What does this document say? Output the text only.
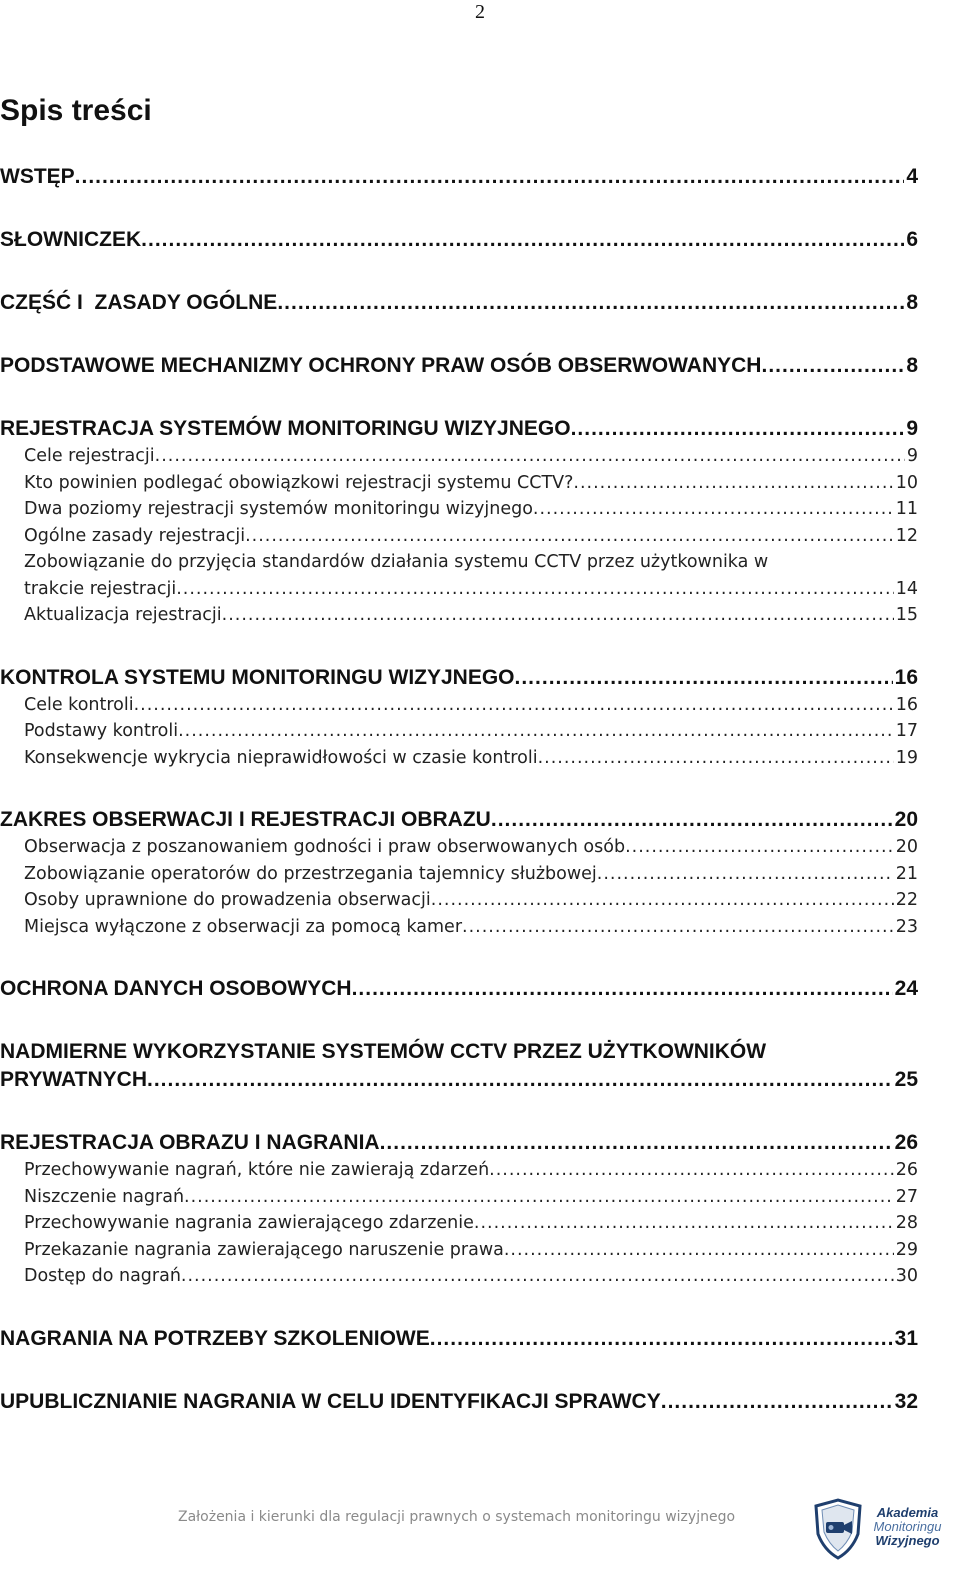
2
Spis treści
WSTĘP .....	4
SŁOWNICZEK .....	6
CZĘŚĆ I  ZASADY OGÓLNE .....	8
PODSTAWOWE MECHANIZMY OCHRONY PRAW OSÓB OBSERWOWANYCH .....	8
REJESTRACJA SYSTEMÓW MONITORINGU WIZYJNEGO .....	9
Cele rejestracji .....	9
Kto powinien podlegać obowiązkowi rejestracji systemu CCTV? .....	10
Dwa poziomy rejestracji systemów monitoringu wizyjnego .....	11
Ogólne zasady rejestracji .....	12
Zobowiązanie do przyjęcia standardów działania systemu CCTV przez użytkownika w
trakcie rejestracji .....	14
Aktualizacja rejestracji .....	15
KONTROLA SYSTEMU MONITORINGU WIZYJNEGO .....	16
Cele kontroli .....	16
Podstawy kontroli .....	17
Konsekwencje wykrycia nieprawidłowości w czasie kontroli .....	19
ZAKRES OBSERWACJI I REJESTRACJI OBRAZU .....	20
Obserwacja z poszanowaniem godności i praw obserwowanych osób .....	20
Zobowiązanie operatorów do przestrzegania tajemnicy służbowej .....	21
Osoby uprawnione do prowadzenia obserwacji .....	22
Miejsca wyłączone z obserwacji za pomocą kamer .....	23
OCHRONA DANYCH OSOBOWYCH .....	24
NADMIERNE WYKORZYSTANIE SYSTEMÓW CCTV PRZEZ UŻYTKOWNIKÓW
PRYWATNYCH .....	25
REJESTRACJA OBRAZU I NAGRANIA .....	26
Przechowywanie nagrań, które nie zawierają zdarzeń .....	26
Niszczenie nagrań .....	27
Przechowywanie nagrania zawierającego zdarzenie .....	28
Przekazanie nagrania zawierającego naruszenie prawa .....	29
Dostęp do nagrań .....	30
NAGRANIA NA POTRZEBY SZKOLENIOWE .....	31
UPUBLICZNIANIE NAGRANIA W CELU IDENTYFIKACJI SPRAWCY .....	32
Założenia i kierunki dla regulacji prawnych o systemach monitoringu wizyjnego	Akademia
Monitoringu
Wizyjnego
